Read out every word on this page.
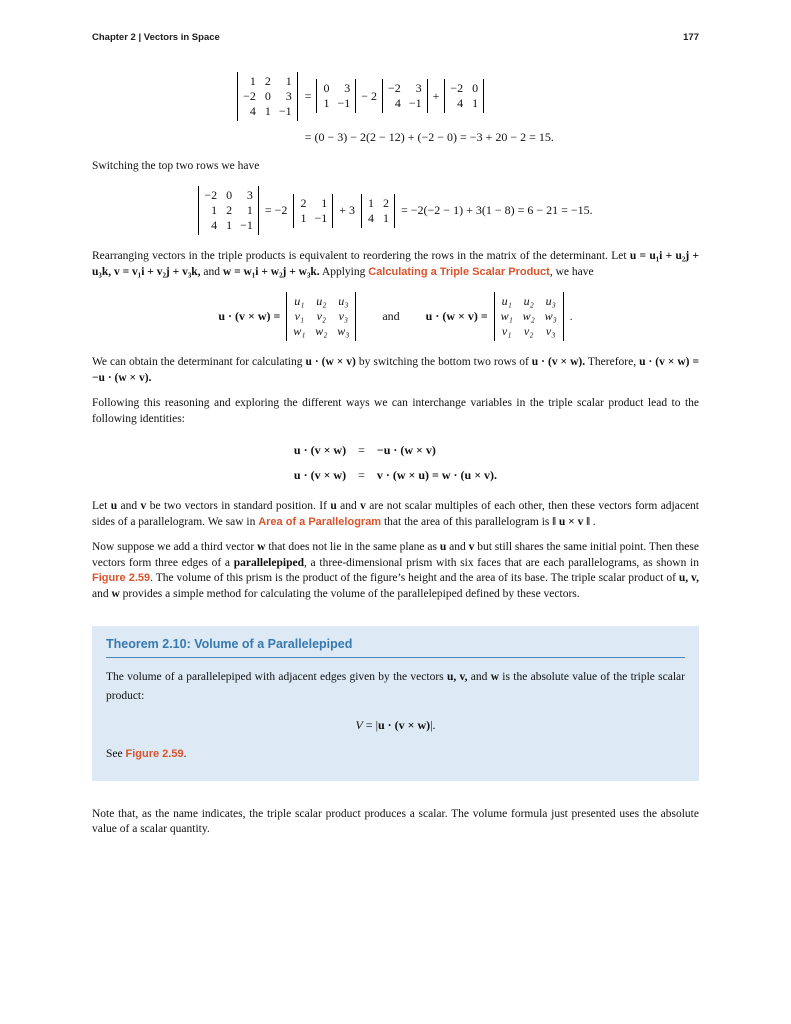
Chapter 2 | Vectors in Space	177
1 2	1
−2 0	3
4 1 −1
=
0	3
1 −1
− 2
−2	3
4 −1
+
−2 0
4 1
= (0 − 3) − 2(2 − 12) + (−2 − 0) = −3 + 20 − 2 = 15.

Switching the top two rows we have

−2 0	3
1 2	1
4 1 −1
= −2
2	1
1 −1
+ 3
1 2
4 1
= −2(−2 − 1) + 3(1 − 8) = 6 − 21 = −15.

Rearranging vectors in the triple products is equivalent to reordering the rows in the matrix of the determinant. Let u = u₁i + u₂j + u₃k, v = v₁i + v₂j + v₃k, and w = w₁i + w₂j + w₃k. Applying Calculating a Triple Scalar Product, we have

u · (v × w) =
u₁ u₂ u₃
v₁ v₂ v₃
w₁ w₂ w₃
and u · (w × v) =
u₁ u₂ u₃
w₁ w₂ w₃
v₁ v₂ v₃
.

We can obtain the determinant for calculating u · (w × v) by switching the bottom two rows of u · (v × w). Therefore, u · (v × w) = −u · (w × v).

Following this reasoning and exploring the different ways we can interchange variables in the triple scalar product lead to the following identities:

u · (v × w) = −u · (w × v)
u · (v × w) = v · (w × u) = w · (u × v).

Let u and v be two vectors in standard position. If u and v are not scalar multiples of each other, then these vectors form adjacent sides of a parallelogram. We saw in Area of a Parallelogram that the area of this parallelogram is ‖ u × v ‖ .

Now suppose we add a third vector w that does not lie in the same plane as u and v but still shares the same initial point. Then these vectors form three edges of a parallelepiped, a three-dimensional prism with six faces that are each parallelograms, as shown in Figure 2.59. The volume of this prism is the product of the figure’s height and the area of its base. The triple scalar product of u, v, and w provides a simple method for calculating the volume of the parallelepiped defined by these vectors.

Theorem 2.10: Volume of a Parallelepiped
The volume of a parallelepiped with adjacent edges given by the vectors u, v, and w is the absolute value of the triple scalar product:
V = |u · (v × w)|.
See Figure 2.59.

Note that, as the name indicates, the triple scalar product produces a scalar. The volume formula just presented uses the absolute value of a scalar quantity.
